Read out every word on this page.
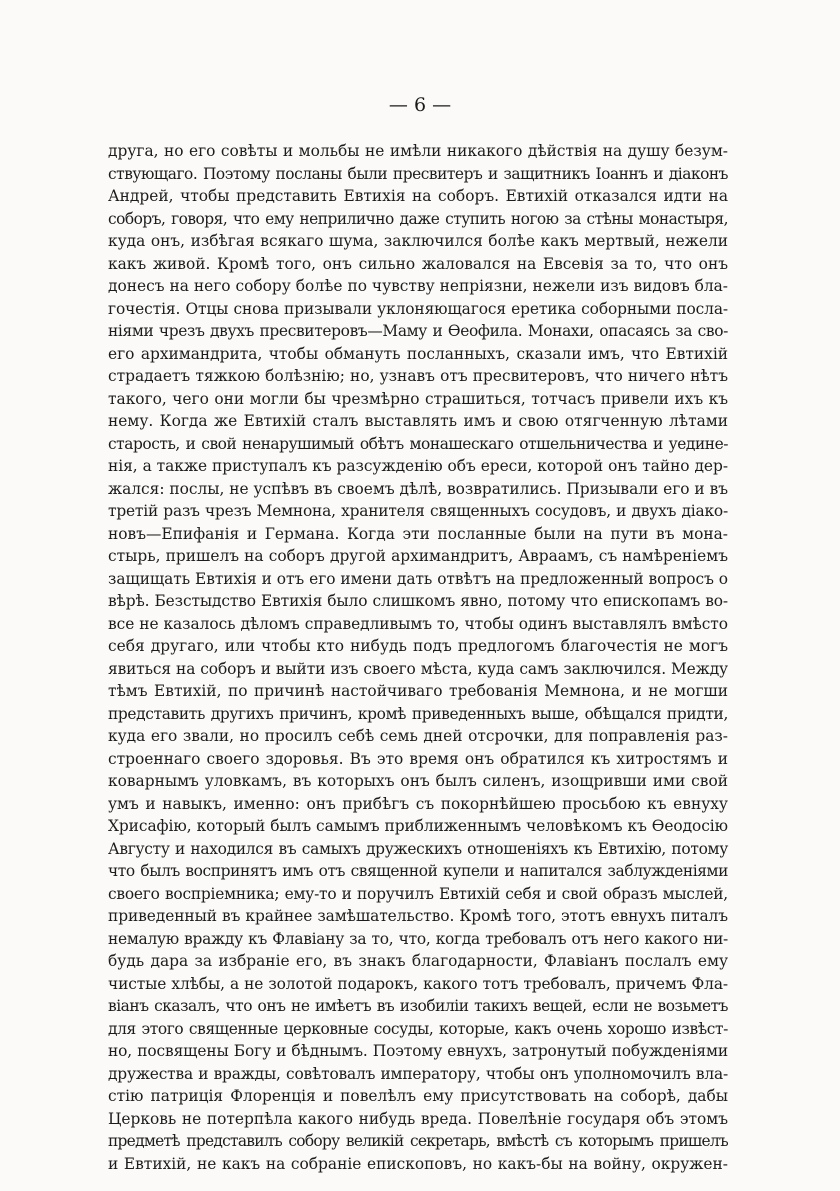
— 6 —

друга, но его совѣты и мольбы не имѣли никакого дѣйствія на душу безум-
ствующаго. Поэтому посланы были пресвитеръ и защитникъ Іоаннъ и діаконъ
Андрей, чтобы представить Евтихія на соборъ. Евтихій отказался идти на
соборъ, говоря, что ему неприлично даже ступить ногою за стѣны монастыря,
куда онъ, избѣгая всякаго шума, заключился болѣе какъ мертвый, нежели
какъ живой. Кромѣ того, онъ сильно жаловался на Евсевія за то, что онъ
донесъ на него собору болѣе по чувству непріязни, нежели изъ видовъ бла-
гочестія. Отцы снова призывали уклоняющагося еретика соборными посла-
ніями чрезъ двухъ пресвитеровъ—Маму и Ѳеофила. Монахи, опасаясь за сво-
его архимандрита, чтобы обмануть посланныхъ, сказали имъ, что Евтихій
страдаетъ тяжкою болѣзнію; но, узнавъ отъ пресвитеровъ, что ничего нѣтъ
такого, чего они могли бы чрезмѣрно страшиться, тотчасъ привели ихъ къ
нему. Когда же Евтихій сталъ выставлять имъ и свою отягченную лѣтами
старость, и свой ненарушимый обѣтъ монашескаго отшельничества и уедине-
нія, а также приступалъ къ разсужденію объ ереси, которой онъ тайно дер-
жался: послы, не успѣвъ въ своемъ дѣлѣ, возвратились. Призывали его и въ
третій разъ чрезъ Мемнона, хранителя священныхъ сосудовъ, и двухъ діако-
новъ—Епифанія и Германа. Когда эти посланные были на пути въ мона-
стырь, пришелъ на соборъ другой архимандритъ, Авраамъ, съ намѣреніемъ
защищать Евтихія и отъ его имени дать отвѣтъ на предложенный вопросъ о
вѣрѣ. Безстыдство Евтихія было слишкомъ явно, потому что епископамъ во-
все не казалось дѣломъ справедливымъ то, чтобы одинъ выставлялъ вмѣсто
себя другаго, или чтобы кто нибудь подъ предлогомъ благочестія не могъ
явиться на соборъ и выйти изъ своего мѣста, куда самъ заключился. Между
тѣмъ Евтихій, по причинѣ настойчиваго требованія Мемнона, и не могши
представить другихъ причинъ, кромѣ приведенныхъ выше, обѣщался придти,
куда его звали, но просилъ себѣ семь дней отсрочки, для поправленія раз-
строеннаго своего здоровья. Въ это время онъ обратился къ хитростямъ и
коварнымъ уловкамъ, въ которыхъ онъ былъ силенъ, изощривши ими свой
умъ и навыкъ, именно: онъ прибѣгъ съ покорнѣйшею просьбою къ евнуху
Хрисафію, который былъ самымъ приближеннымъ человѣкомъ къ Ѳеодосію
Августу и находился въ самыхъ дружескихъ отношеніяхъ къ Евтихію, потому
что былъ воспринятъ имъ отъ священной купели и напитался заблужденіями
своего воспріемника; ему-то и поручилъ Евтихій себя и свой образъ мыслей,
приведенный въ крайнее замѣшательство. Кромѣ того, этотъ евнухъ питалъ
немалую вражду къ Флавіану за то, что, когда требовалъ отъ него какого ни-
будь дара за избраніе его, въ знакъ благодарности, Флавіанъ послалъ ему
чистые хлѣбы, а не золотой подарокъ, какого тотъ требовалъ, причемъ Фла-
віанъ сказалъ, что онъ не имѣетъ въ изобиліи такихъ вещей, если не возьметъ
для этого священные церковные сосуды, которые, какъ очень хорошо извѣст-
но, посвящены Богу и бѣднымъ. Поэтому евнухъ, затронутый побужденіями
дружества и вражды, совѣтовалъ императору, чтобы онъ уполномочилъ вла-
стію патриція Флоренція и повелѣлъ ему присутствовать на соборѣ, дабы
Церковь не потерпѣла какого нибудь вреда. Повелѣніе государя объ этомъ
предметѣ представилъ собору великій секретарь, вмѣстѣ съ которымъ пришелъ
и Евтихій, не какъ на собраніе епископовъ, но какъ-бы на войну, окружен-
